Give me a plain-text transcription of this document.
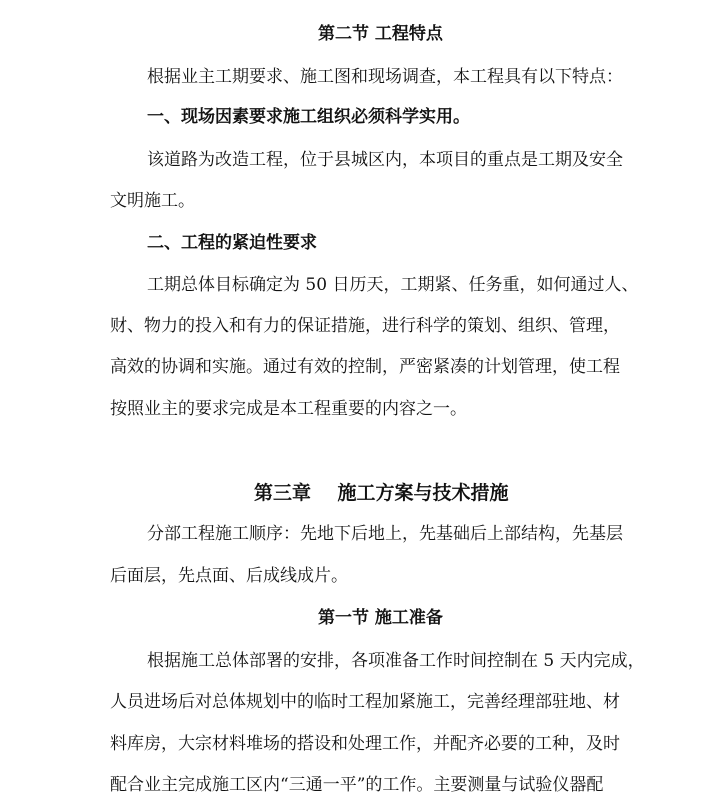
第二节 工程特点
根据业主工期要求、施工图和现场调查，本工程具有以下特点：
一、现场因素要求施工组织必须科学实用。
该道路为改造工程，位于县城区内，本项目的重点是工期及安全
文明施工。
二、工程的紧迫性要求
工期总体目标确定为 50 日历天，工期紧、任务重，如何通过人、
财、物力的投入和有力的保证措施，进行科学的策划、组织、管理，
高效的协调和实施。通过有效的控制，严密紧凑的计划管理，使工程
按照业主的要求完成是本工程重要的内容之一。
第三章    施工方案与技术措施
分部工程施工顺序：先地下后地上，先基础后上部结构，先基层
后面层，先点面、后成线成片。
第一节 施工准备
根据施工总体部署的安排，各项准备工作时间控制在 5 天内完成，
人员进场后对总体规划中的临时工程加紧施工，完善经理部驻地、材
料库房，大宗材料堆场的搭设和处理工作，并配齐必要的工种，及时
配合业主完成施工区内“三通一平”的工作。主要测量与试验仪器配
